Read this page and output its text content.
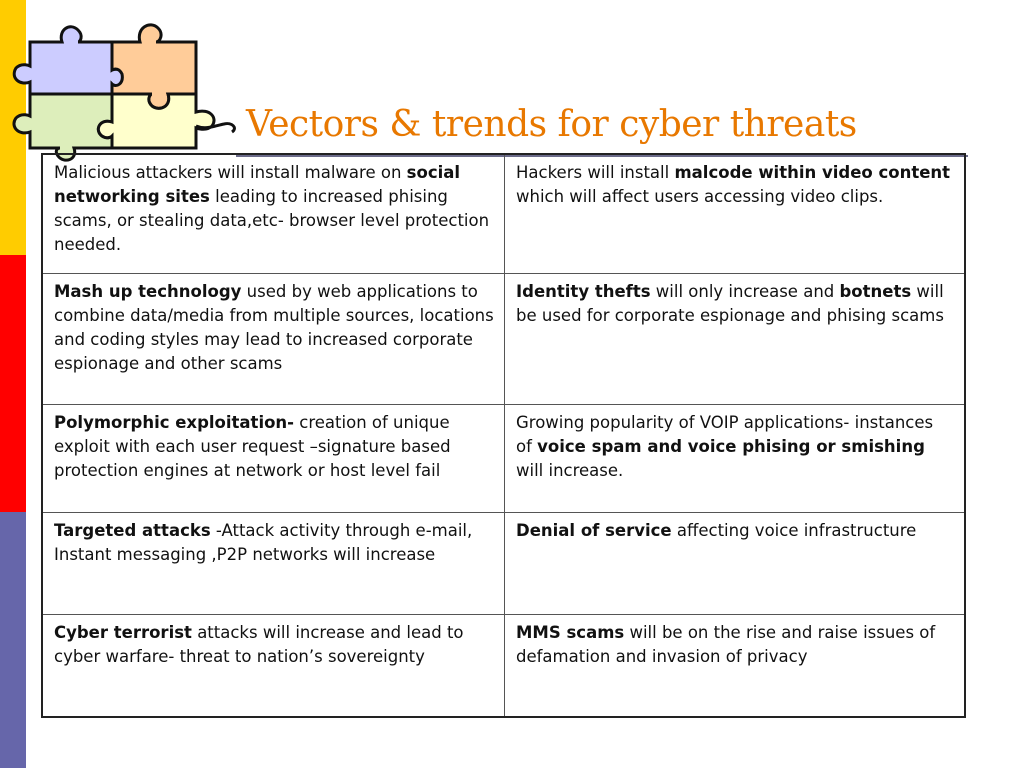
Vectors & trends for cyber threats
Malicious attackers will install malware on social networking sites leading to increased phising scams, or stealing data,etc- browser level protection needed.	Hackers will install malcode within video content which will affect users accessing video clips.
Mash up technology used by web applications to combine data/media from multiple sources, locations and coding styles may lead to increased corporate espionage and other scams	Identity thefts will only increase and botnets will be used for corporate espionage and phising scams
Polymorphic exploitation- creation of unique exploit with each user request –signature based protection engines at network or host level fail	Growing popularity of VOIP applications- instances of voice spam and voice phising or smishing will increase.
Targeted attacks -Attack activity through e-mail, Instant messaging ,P2P networks will increase	Denial of service affecting voice infrastructure
Cyber terrorist attacks will increase and lead to cyber warfare- threat to nation’s sovereignty	MMS scams will be on the rise and raise issues of defamation and invasion of privacy
